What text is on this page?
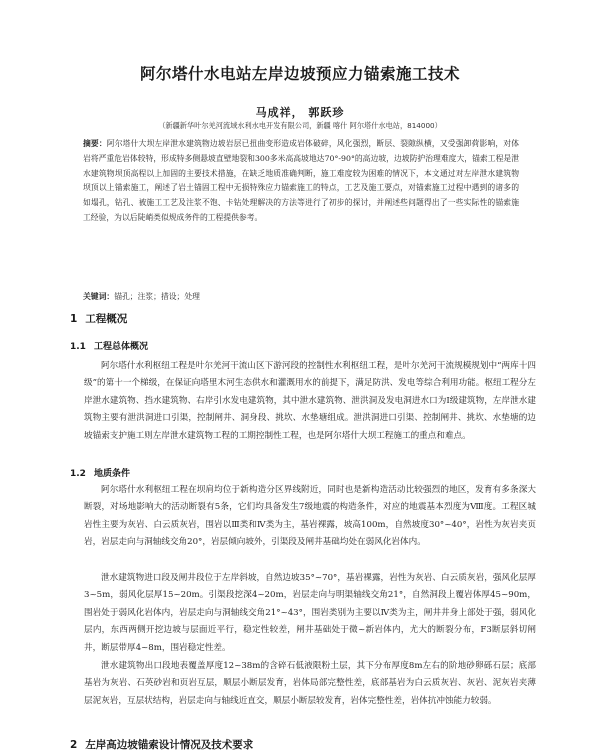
阿尔塔什水电站左岸边坡预应力锚索施工技术
马成祥， 郭跃珍
（新疆新华叶尔羌河流域水利水电开发有限公司，新疆 喀什 阿尔塔什水电站，814000）
摘要：阿尔塔什大坝左岸泄水建筑物边坡岩层已扭曲变形造成岩体破碎，风化强烈，断层、裂隙纵横，又受强卸荷影响，对体岩将严重危岩体较特，形成特多侧悬坡直壁地裂和300多米高高坡地达70°-90°的高边坡，边坡防护治理难度大，锚索工程是泄水建筑物坝顶高程以上加固的主要技术措施，在缺乏地质准确判断，施工难度较为困难的情况下，本文通过对左岸泄水建筑物坝顶以上锚索施工，阐述了岩土锚固工程中无损特殊应力锚索施工的特点，工艺及施工要点，对锚索施工过程中遇到的诸多的如塌孔，钻孔、被施工工艺及注浆不饱、卡钻处理解决的方法等进行了初步的探讨，并阐述些问题得出了一些实际性的锚索施工经验，为以后陡峭类似规成务件的工程提供参考。
关键词：锚孔；注浆；措设；处理
1 工程概况
1.1 工程总体概况
阿尔塔什水利枢纽工程是叶尔羌河干流山区下游河段的控制性水利枢纽工程，是叶尔羌河干流规模规划中“两库十四级”的第十一个梯级，在保证向塔里木河生态供水和灌溉用水的前提下，满足防洪、发电等综合利用功能。枢纽工程分左岸泄水建筑物、挡水建筑物、右岸引水发电建筑物，其中泄水建筑物、泄洪洞及发电洞进水口为Ⅰ级建筑物，左岸泄水建筑物主要有泄洪洞进口引渠，控制闸井、洞身段、挑坎、水垫塘组成。泄洪洞进口引渠、控制闸井、挑坎、水垫塘的边坡锚索支护施工则左岸泄水建筑物工程的工期控制性工程，也是阿尔塔什大坝工程施工的重点和难点。
1.2 地质条件
阿尔塔什水利枢纽工程在坝肩均位于新构造分区界线附近，同时也是新构造活动比较强烈的地区，发育有多条深大断裂，对场地影响大的活动断裂有5条，它们均具备发生7级地震的构造条件，对应的地震基本烈度为Ⅷ度。工程区城岩性主要为灰岩、白云质灰岩，围岩以Ⅲ类和Ⅳ类为主，基岩裸露，坡高100m，自然坡度30°~40°，岩性为灰岩夹页岩，岩层走向与洞轴线交角20°，岩层倾向坡外，引渠段及闸井基础均处在弱风化岩体内。
泄水建筑物进口段及闸井段位于左岸斜坡，自然边坡35°~70°，基岩裸露，岩性为灰岩、白云质灰岩，强风化层厚3~5m，弱风化层厚15~20m。引渠段挖深4~20m，岩层走向与明渠轴线交角21°，自然洞段上覆岩体厚45~90m，围岩处于弱风化岩体内，岩层走向与洞轴线交角21°~43°，围岩类别为主要以Ⅳ类为主，闸井井身上部处于强，弱风化层内，东西两侧开挖边坡与层面近平行，稳定性较差，闸井基础处于微~新岩体内，尤大的断裂分布，F3断层斜切闸井，断层带厚4~8m，围岩稳定性差。
泄水建筑物出口段地表覆盖厚度12~38m的含碎石低液限粉土层，其下分布厚度8m左右的阶地砂卵砾石层；底部基岩为灰岩、石英砂岩和页岩互层，顺层小断层发育，岩体局部完整性差，底部基岩为白云质灰岩、灰岩、泥灰岩夹薄层泥灰岩，互层状结构，岩层走向与轴线近直交，顺层小断层较发育，岩体完整性差，岩体抗冲蚀能力较弱。
2 左岸高边坡锚索设计情况及技术要求
